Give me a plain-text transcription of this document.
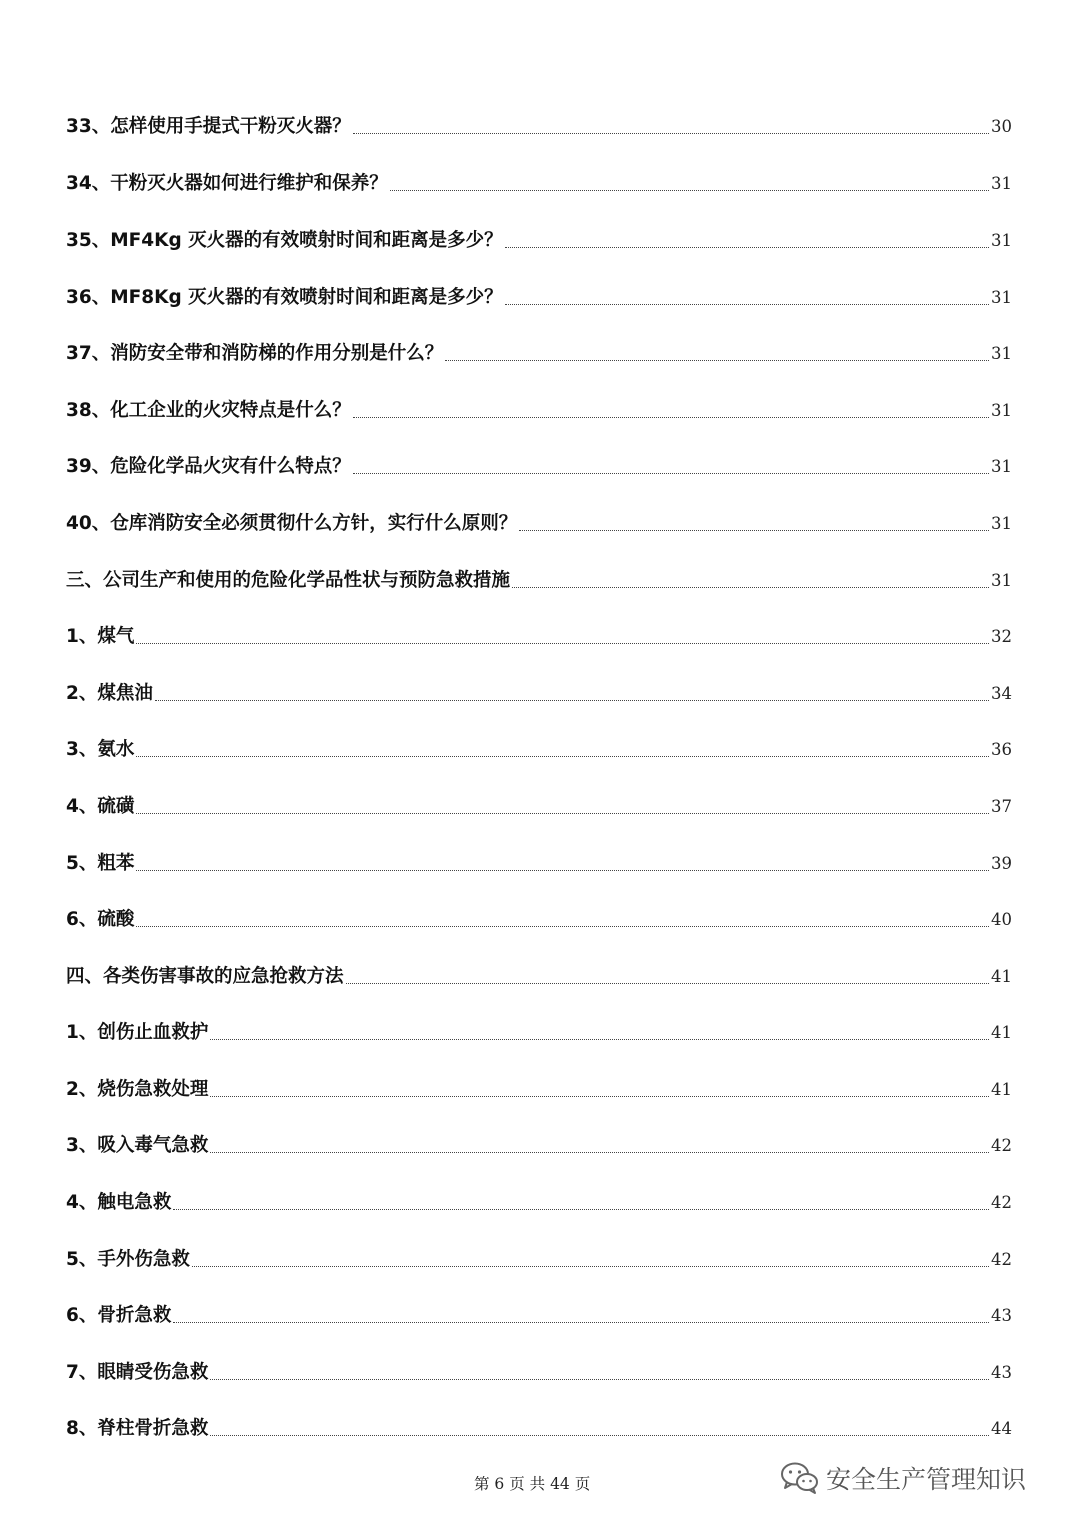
33、怎样使用手提式干粉灭火器？	30
34、干粉灭火器如何进行维护和保养？	31
35、MF4Kg 灭火器的有效喷射时间和距离是多少？	31
36、MF8Kg 灭火器的有效喷射时间和距离是多少？	31
37、消防安全带和消防梯的作用分别是什么？	31
38、化工企业的火灾特点是什么？	31
39、危险化学品火灾有什么特点？	31
40、仓库消防安全必须贯彻什么方针，实行什么原则？	31
三、公司生产和使用的危险化学品性状与预防急救措施	31
1、煤气	32
2、煤焦油	34
3、氨水	36
4、硫磺	37
5、粗苯	39
6、硫酸	40
四、各类伤害事故的应急抢救方法	41
1、创伤止血救护	41
2、烧伤急救处理	41
3、吸入毒气急救	42
4、触电急救	42
5、手外伤急救	42
6、骨折急救	43
7、眼睛受伤急救	43
8、脊柱骨折急救	44
第 6 页 共 44 页	安全生产管理知识
